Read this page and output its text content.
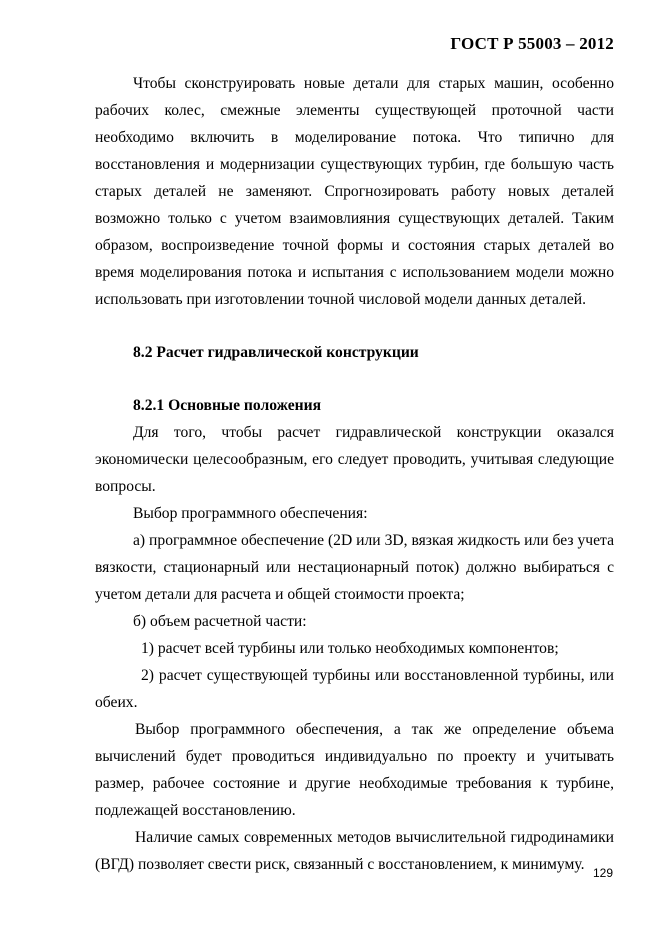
ГОСТ Р 55003 – 2012

Чтобы сконструировать новые детали для старых машин, особенно рабочих колес, смежные элементы существующей проточной части необходимо включить в моделирование потока. Что типично для восстановления и модернизации существующих турбин, где большую часть старых деталей не заменяют. Спрогнозировать работу новых деталей возможно только с учетом взаимовлияния существующих деталей. Таким образом, воспроизведение точной формы и состояния старых деталей во время моделирования потока и испытания с использованием модели можно использовать при изготовлении точной числовой модели данных деталей.

8.2 Расчет гидравлической конструкции

8.2.1 Основные положения

Для того, чтобы расчет гидравлической конструкции оказался экономически целесообразным, его следует проводить, учитывая следующие вопросы.

Выбор программного обеспечения:

а) программное обеспечение (2D или 3D, вязкая жидкость или без учета вязкости, стационарный или нестационарный поток) должно выбираться с учетом детали для расчета и общей стоимости проекта;

б) объем расчетной части:

1) расчет всей турбины или только необходимых компонентов;

2) расчет существующей турбины или восстановленной турбины, или обеих.

Выбор программного обеспечения, а так же определение объема вычислений будет проводиться индивидуально по проекту и учитывать размер, рабочее состояние и другие необходимые требования к турбине, подлежащей восстановлению.

Наличие самых современных методов вычислительной гидродинамики (ВГД) позволяет свести риск, связанный с восстановлением, к минимуму. 129
